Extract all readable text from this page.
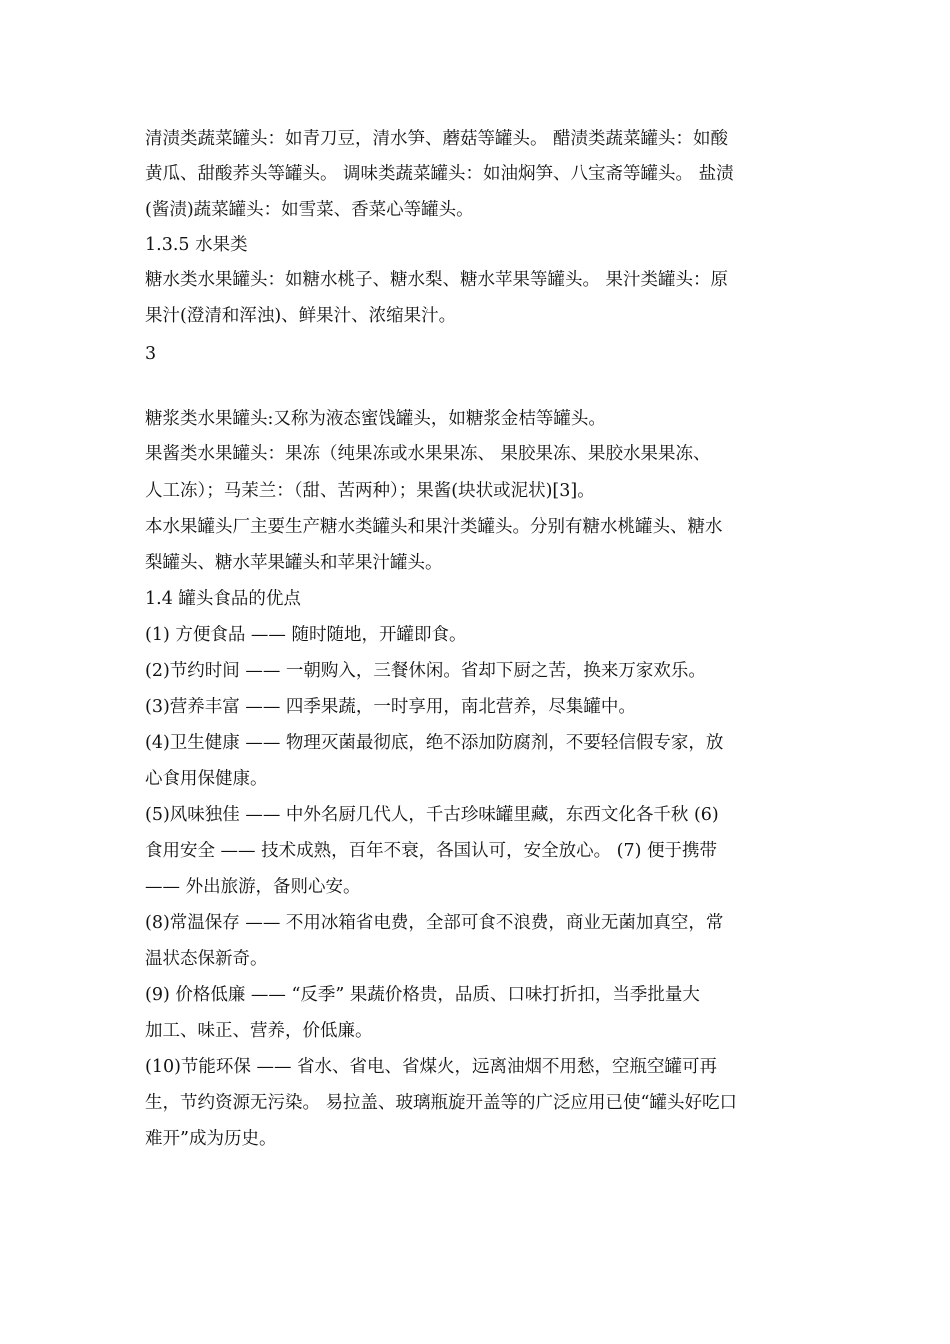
清渍类蔬菜罐头：如青刀豆，清水笋、蘑菇等罐头。 醋渍类蔬菜罐头：如酸
黄瓜、甜酸荞头等罐头。 调味类蔬菜罐头：如油焖笋、八宝斋等罐头。 盐渍
(酱渍)蔬菜罐头：如雪菜、香菜心等罐头。
1.3.5 水果类
糖水类水果罐头：如糖水桃子、糖水梨、糖水苹果等罐头。 果汁类罐头：原
果汁(澄清和浑浊)、鲜果汁、浓缩果汁。
3
糖浆类水果罐头:又称为液态蜜饯罐头，如糖浆金桔等罐头。
果酱类水果罐头：果冻（纯果冻或水果果冻、 果胶果冻、果胶水果果冻、
人工冻）；马茉兰：（甜、苦两种）；果酱(块状或泥状)[3]。
本水果罐头厂主要生产糖水类罐头和果汁类罐头。分别有糖水桃罐头、糖水
梨罐头、糖水苹果罐头和苹果汁罐头。
1.4 罐头食品的优点
(1) 方便食品 —— 随时随地，开罐即食。
(2)节约时间 —— 一朝购入，三餐休闲。省却下厨之苦，换来万家欢乐。
(3)营养丰富 —— 四季果蔬，一时享用，南北营养，尽集罐中。
(4)卫生健康 —— 物理灭菌最彻底，绝不添加防腐剂，不要轻信假专家，放
心食用保健康。
(5)风味独佳 —— 中外名厨几代人，千古珍味罐里藏，东西文化各千秋 (6)
食用安全 —— 技术成熟，百年不衰，各国认可，安全放心。 (7) 便于携带
—— 外出旅游，备则心安。
(8)常温保存 —— 不用冰箱省电费，全部可食不浪费，商业无菌加真空，常
温状态保新奇。
(9) 价格低廉 —— “反季” 果蔬价格贵，品质、口味打折扣，当季批量大
加工、味正、营养，价低廉。
(10)节能环保 —— 省水、省电、省煤火，远离油烟不用愁，空瓶空罐可再
生，节约资源无污染。 易拉盖、玻璃瓶旋开盖等的广泛应用已使“罐头好吃口
难开”成为历史。
